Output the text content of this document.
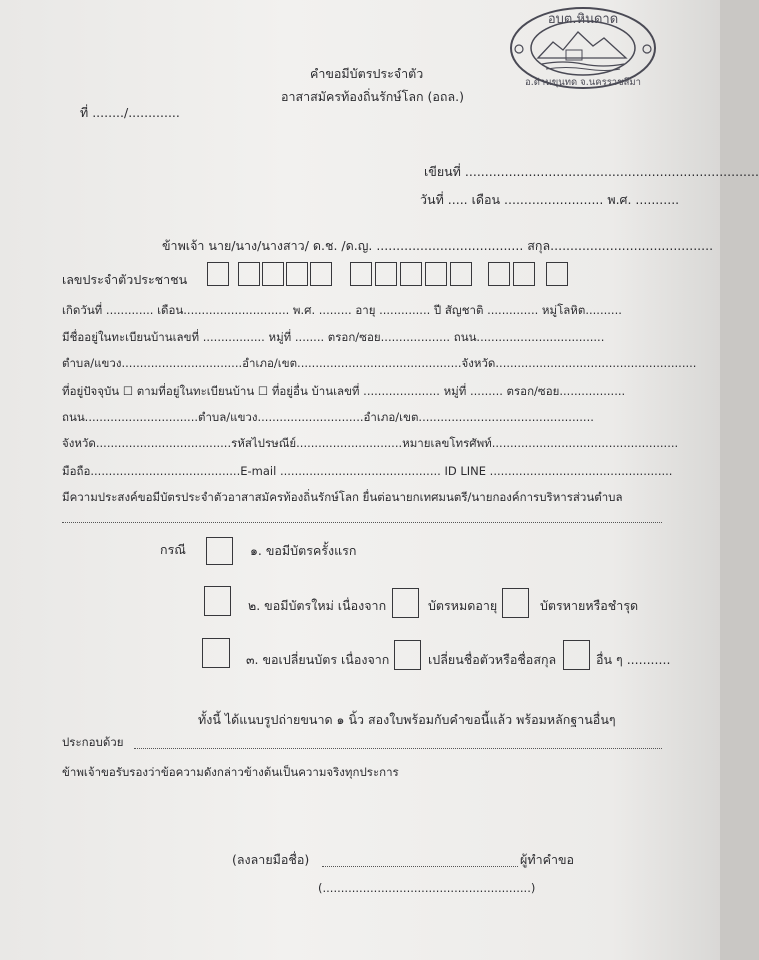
อบต.หินดาด
อ.ด่านขุนทด จ.นครราชสีมา
คำขอมีบัตรประจำตัว
อาสาสมัครท้องถิ่นรักษ์โลก (อถล.)
ที่ ......../.............
เขียนที่ ..........................................................................
วันที่ ..... เดือน ......................... พ.ศ. ...........
ข้าพเจ้า นาย/นาง/นางสาว/ ด.ช. /ด.ญ. ..................................... สกุล.........................................
เลขประจำตัวประชาชน
เกิดวันที่ ............. เดือน............................. พ.ศ. ......... อายุ .............. ปี สัญชาติ .............. หมู่โลหิต..........
มีชื่ออยู่ในทะเบียนบ้านเลขที่ ................. หมู่ที่ ........ ตรอก/ซอย................... ถนน...................................
ตำบล/แขวง.................................อำเภอ/เขต.............................................จังหวัด.......................................................
ที่อยู่ปัจจุบัน ☐ ตามที่อยู่ในทะเบียนบ้าน ☐ ที่อยู่อื่น บ้านเลขที่ ..................... หมู่ที่ ......... ตรอก/ซอย..................
ถนน...............................ตำบล/แขวง.............................อำเภอ/เขต................................................
จังหวัด.....................................รหัสไปรษณีย์.............................หมายเลขโทรศัพท์...................................................
มือถือ.........................................E-mail ............................................ ID LINE ..................................................
มีความประสงค์ขอมีบัตรประจำตัวอาสาสมัครท้องถิ่นรักษ์โลก ยื่นต่อนายกเทศมนตรี/นายกองค์การบริหารส่วนตำบล
กรณี	๑. ขอมีบัตรครั้งแรก
๒. ขอมีบัตรใหม่ เนื่องจาก	บัตรหมดอายุ	บัตรหายหรือชำรุด
๓. ขอเปลี่ยนบัตร เนื่องจาก	เปลี่ยนชื่อตัวหรือชื่อสกุล	อื่น ๆ ...........
ทั้งนี้ ได้แนบรูปถ่ายขนาด ๑ นิ้ว สองใบพร้อมกับคำขอนี้แล้ว พร้อมหลักฐานอื่นๆ
ประกอบด้วย
ข้าพเจ้าขอรับรองว่าข้อความดังกล่าวข้างต้นเป็นความจริงทุกประการ
(ลงลายมือชื่อ)	ผู้ทำคำขอ
(.........................................................)
